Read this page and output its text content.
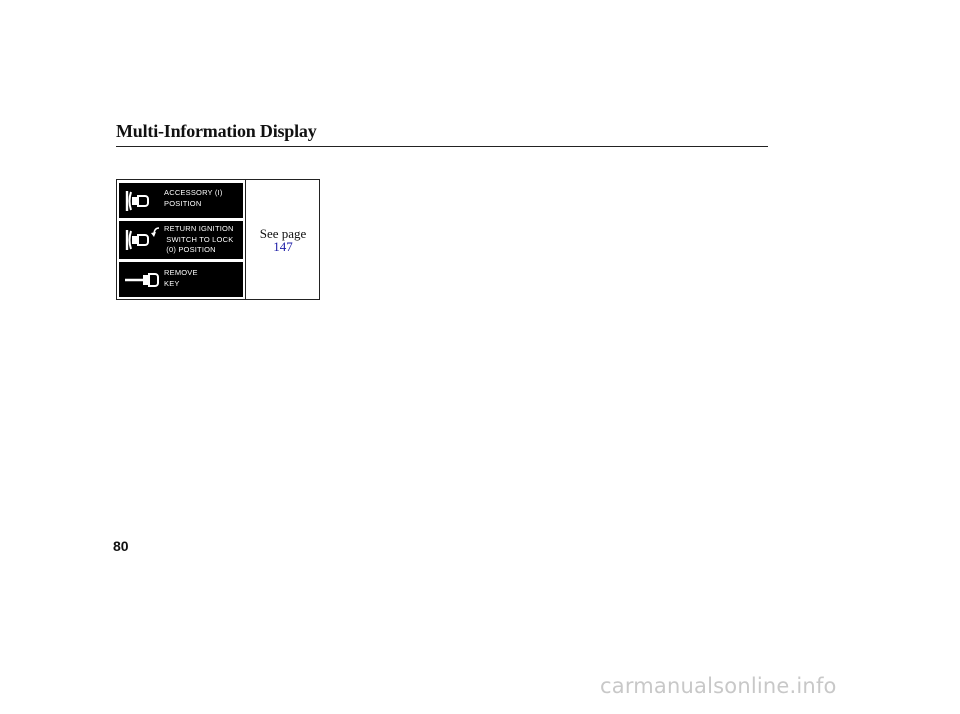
Multi-Information Display
ACCESSORY (I)
POSITION
RETURN IGNITION
SWITCH TO LOCK
(0) POSITION
REMOVE
KEY
See page
147
80
carmanualsonline.info
